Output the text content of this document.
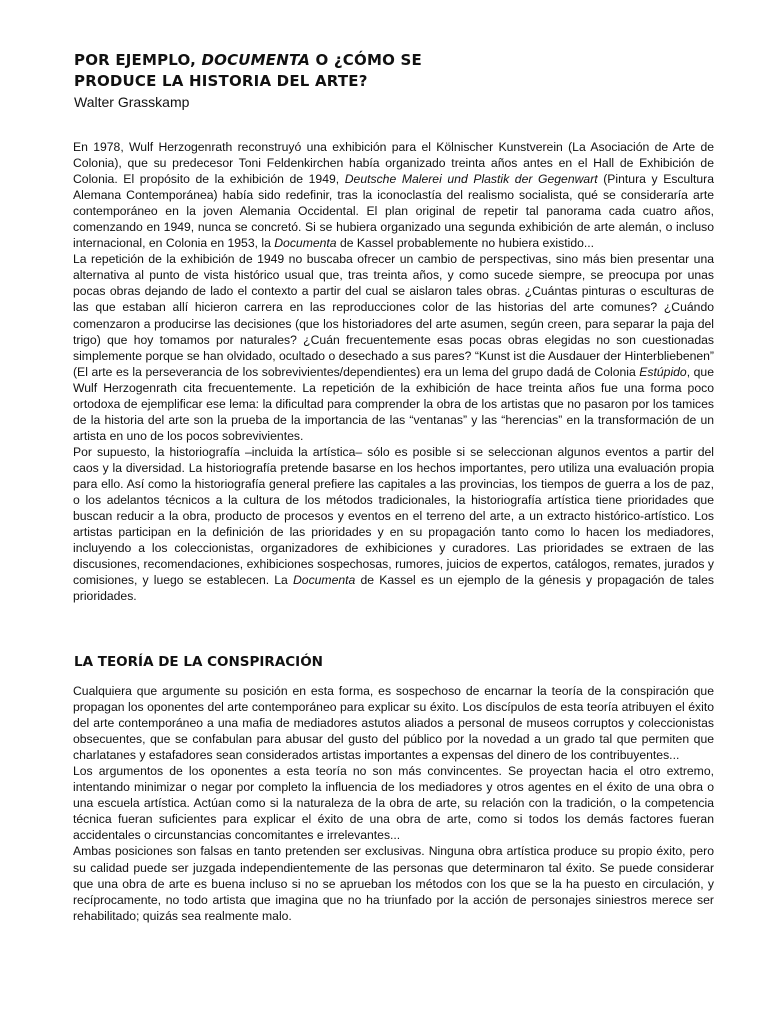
POR EJEMPLO, DOCUMENTA O ¿CÓMO SE
PRODUCE LA HISTORIA DEL ARTE?
Walter Grasskamp

En 1978, Wulf Herzogenrath reconstruyó una exhibición para el Kölnischer Kunstverein (La Asociación de Arte de Colonia), que su predecesor Toni Feldenkirchen había organizado treinta años antes en el Hall de Exhibición de Colonia. El propósito de la exhibición de 1949, Deutsche Malerei und Plastik der Gegenwart (Pintura y Escultura Alemana Contemporánea) había sido redefinir, tras la iconoclastía del realismo socialista, qué se consideraría arte contemporáneo en la joven Alemania Occidental. El plan original de repetir tal panorama cada cuatro años, comenzando en 1949, nunca se concretó. Si se hubiera organizado una segunda exhibición de arte alemán, o incluso internacional, en Colonia en 1953, la Documenta de Kassel probablemente no hubiera existido...

La repetición de la exhibición de 1949 no buscaba ofrecer un cambio de perspectivas, sino más bien presentar una alternativa al punto de vista histórico usual que, tras treinta años, y como sucede siempre, se preocupa por unas pocas obras dejando de lado el contexto a partir del cual se aislaron tales obras. ¿Cuántas pinturas o esculturas de las que estaban allí hicieron carrera en las reproducciones color de las historias del arte comunes? ¿Cuándo comenzaron a producirse las decisiones (que los historiadores del arte asumen, según creen, para separar la paja del trigo) que hoy tomamos por naturales? ¿Cuán frecuentemente esas pocas obras elegidas no son cuestionadas simplemente porque se han olvidado, ocultado o desechado a sus pares? “Kunst ist die Ausdauer der Hinterbliebenen” (El arte es la perseverancia de los sobrevivientes/dependientes) era un lema del grupo dadá de Colonia Estúpido, que Wulf Herzogenrath cita frecuentemente. La repetición de la exhibición de hace treinta años fue una forma poco ortodoxa de ejemplificar ese lema: la dificultad para comprender la obra de los artistas que no pasaron por los tamices de la historia del arte son la prueba de la importancia de las “ventanas” y las “herencias” en la transformación de un artista en uno de los pocos sobrevivientes.

Por supuesto, la historiografía –incluida la artística– sólo es posible si se seleccionan algunos eventos a partir del caos y la diversidad. La historiografía pretende basarse en los hechos importantes, pero utiliza una evaluación propia para ello. Así como la historiografía general prefiere las capitales a las provincias, los tiempos de guerra a los de paz, o los adelantos técnicos a la cultura de los métodos tradicionales, la historiografía artística tiene prioridades que buscan reducir a la obra, producto de procesos y eventos en el terreno del arte, a un extracto histórico-artístico. Los artistas participan en la definición de las prioridades y en su propagación tanto como lo hacen los mediadores, incluyendo a los coleccionistas, organizadores de exhibiciones y curadores. Las prioridades se extraen de las discusiones, recomendaciones, exhibiciones sospechosas, rumores, juicios de expertos, catálogos, remates, jurados y comisiones, y luego se establecen. La Documenta de Kassel es un ejemplo de la génesis y propagación de tales prioridades.

LA TEORÍA DE LA CONSPIRACIÓN

Cualquiera que argumente su posición en esta forma, es sospechoso de encarnar la teoría de la conspiración que propagan los oponentes del arte contemporáneo para explicar su éxito. Los discípulos de esta teoría atribuyen el éxito del arte contemporáneo a una mafia de mediadores astutos aliados a personal de museos corruptos y coleccionistas obsecuentes, que se confabulan para abusar del gusto del público por la novedad a un grado tal que permiten que charlatanes y estafadores sean considerados artistas importantes a expensas del dinero de los contribuyentes...

Los argumentos de los oponentes a esta teoría no son más convincentes. Se proyectan hacia el otro extremo, intentando minimizar o negar por completo la influencia de los mediadores y otros agentes en el éxito de una obra o una escuela artística. Actúan como si la naturaleza de la obra de arte, su relación con la tradición, o la competencia técnica fueran suficientes para explicar el éxito de una obra de arte, como si todos los demás factores fueran accidentales o circunstancias concomitantes e irrelevantes...

Ambas posiciones son falsas en tanto pretenden ser exclusivas. Ninguna obra artística produce su propio éxito, pero su calidad puede ser juzgada independientemente de las personas que determinaron tal éxito. Se puede considerar que una obra de arte es buena incluso si no se aprueban los métodos con los que se la ha puesto en circulación, y recíprocamente, no todo artista que imagina que no ha triunfado por la acción de personajes siniestros merece ser rehabilitado; quizás sea realmente malo.
